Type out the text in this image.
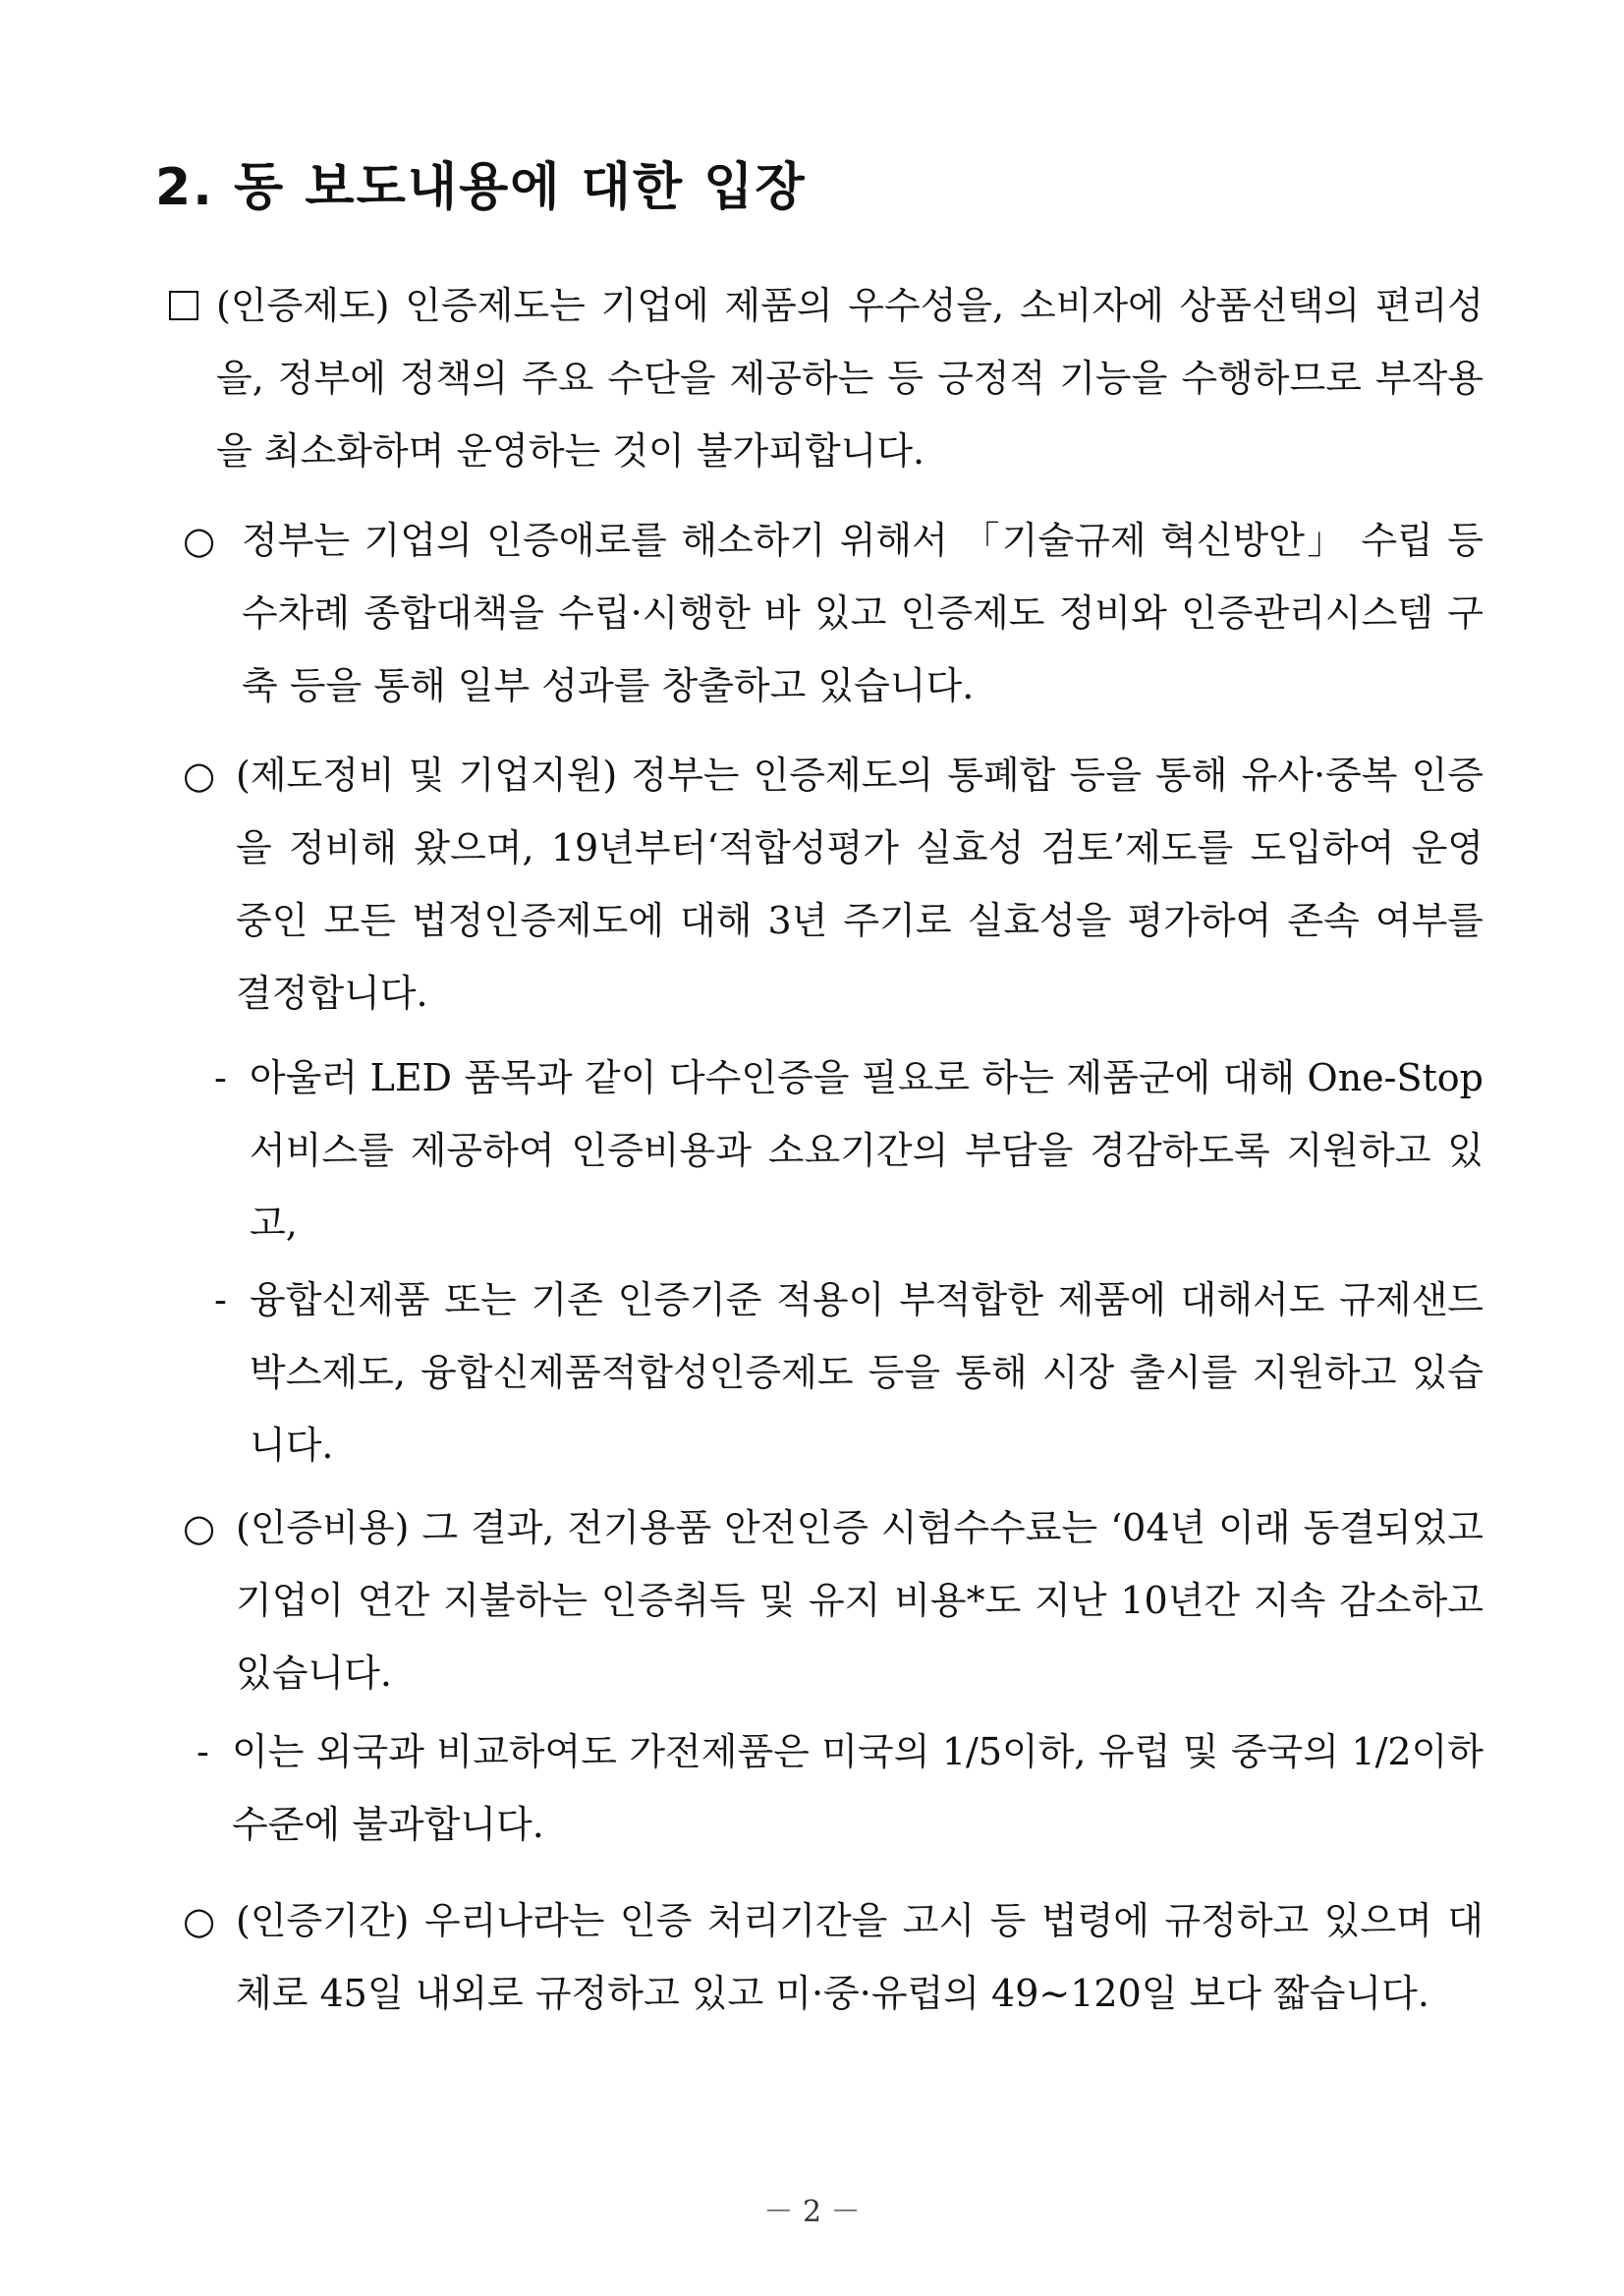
2. 동 보도내용에 대한 입장

(인증제도) 인증제도는 기업에 제품의 우수성을, 소비자에 상품선택의 편리성을, 정부에 정책의 주요 수단을 제공하는 등 긍정적 기능을 수행하므로 부작용을 최소화하며 운영하는 것이 불가피합니다.

○ 정부는 기업의 인증애로를 해소하기 위해서 「기술규제 혁신방안」 수립 등 수차례 종합대책을 수립·시행한 바 있고 인증제도 정비와 인증관리시스템 구축 등을 통해 일부 성과를 창출하고 있습니다.

○ (제도정비 및 기업지원) 정부는 인증제도의 통폐합 등을 통해 유사·중복 인증을 정비해 왔으며, 19년부터‘적합성평가 실효성 검토’제도를 도입하여 운영 중인 모든 법정인증제도에 대해 3년 주기로 실효성을 평가하여 존속 여부를 결정합니다.

- 아울러 LED 품목과 같이 다수인증을 필요로 하는 제품군에 대해 One-Stop 서비스를 제공하여 인증비용과 소요기간의 부담을 경감하도록 지원하고 있고,

- 융합신제품 또는 기존 인증기준 적용이 부적합한 제품에 대해서도 규제샌드박스제도, 융합신제품적합성인증제도 등을 통해 시장 출시를 지원하고 있습니다.

○ (인증비용) 그 결과, 전기용품 안전인증 시험수수료는 ‘04년 이래 동결되었고 기업이 연간 지불하는 인증취득 및 유지 비용*도 지난 10년간 지속 감소하고 있습니다.

- 이는 외국과 비교하여도 가전제품은 미국의 1/5이하, 유럽 및 중국의 1/2이하 수준에 불과합니다.

○ (인증기간) 우리나라는 인증 처리기간을 고시 등 법령에 규정하고 있으며 대체로 45일 내외로 규정하고 있고 미·중·유럽의 49~120일 보다 짧습니다.

－ 2 －
